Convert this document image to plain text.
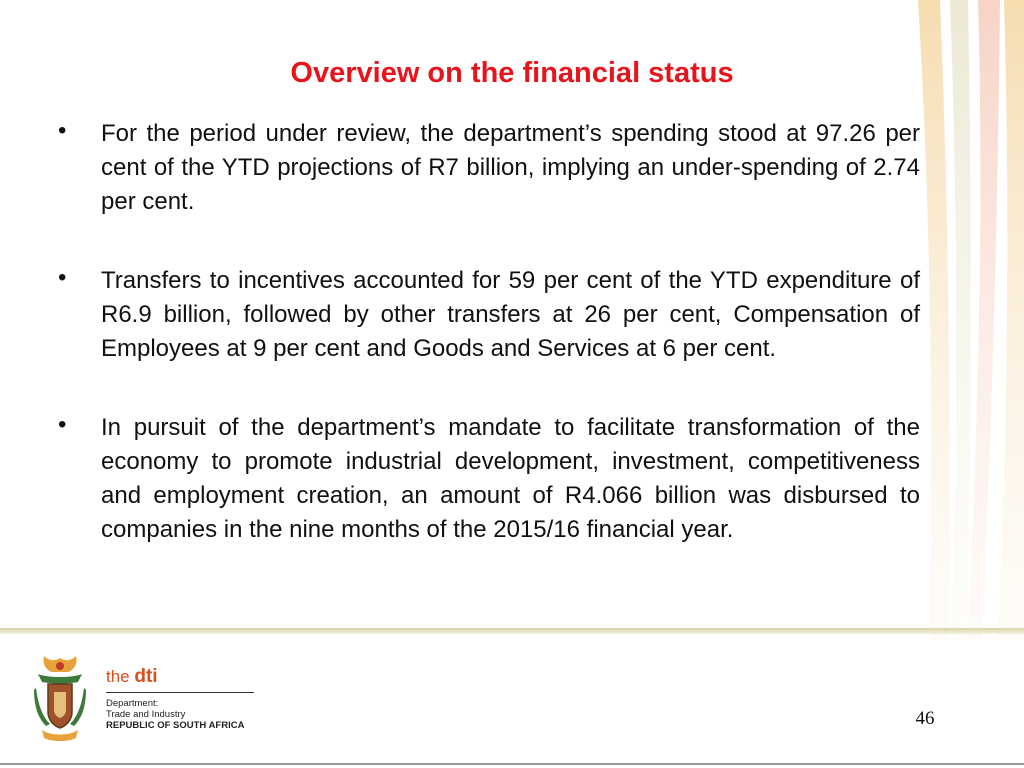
Overview on the financial status
• For the period under review, the department’s spending stood at 97.26 per cent of the YTD projections of R7 billion, implying an under-spending of 2.74 per cent.
• Transfers to incentives accounted for 59 per cent of the YTD expenditure of R6.9 billion, followed by other transfers at 26 per cent, Compensation of Employees at 9 per cent and Goods and Services at 6 per cent.
• In pursuit of the department’s mandate to facilitate transformation of the economy to promote industrial development, investment, competitiveness and employment creation, an amount of R4.066 billion was disbursed to companies in the nine months of the 2015/16 financial year.
the dti
Department:
Trade and Industry
REPUBLIC OF SOUTH AFRICA	46
